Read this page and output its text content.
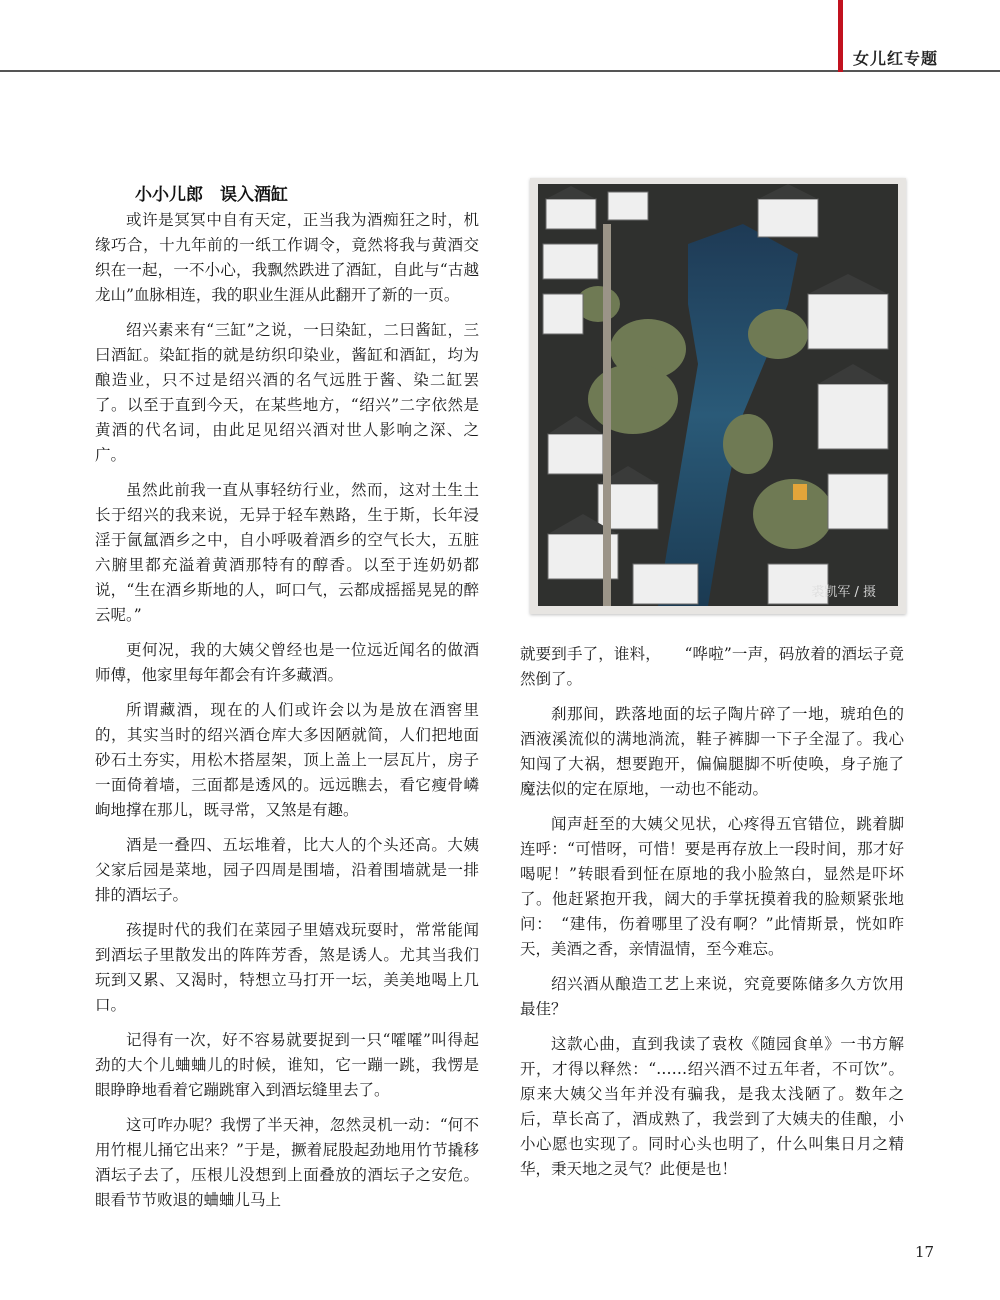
女儿红专题
小小儿郎　误入酒缸

或许是冥冥中自有天定，正当我为酒痴狂之时，机缘巧合，十九年前的一纸工作调令，竟然将我与黄酒交织在一起，一不小心，我飘然跌进了酒缸，自此与“古越龙山”血脉相连，我的职业生涯从此翻开了新的一页。

绍兴素来有“三缸”之说，一曰染缸，二曰酱缸，三曰酒缸。染缸指的就是纺织印染业，酱缸和酒缸，均为酿造业，只不过是绍兴酒的名气远胜于酱、染二缸罢了。以至于直到今天，在某些地方，“绍兴”二字依然是黄酒的代名词，由此足见绍兴酒对世人影响之深、之广。

虽然此前我一直从事轻纺行业，然而，这对土生土长于绍兴的我来说，无异于轻车熟路，生于斯，长年浸淫于氤氲酒乡之中，自小呼吸着酒乡的空气长大，五脏六腑里都充溢着黄酒那特有的醇香。以至于连奶奶都说，“生在酒乡斯地的人，呵口气，云都成摇摇晃晃的醉云呢。”

更何况，我的大姨父曾经也是一位远近闻名的做酒师傅，他家里每年都会有许多藏酒。

所谓藏酒，现在的人们或许会以为是放在酒窖里的，其实当时的绍兴酒仓库大多因陋就简，人们把地面砂石土夯实，用松木搭屋架，顶上盖上一层瓦片，房子一面倚着墙，三面都是透风的。远远瞧去，看它瘦骨嶙峋地撑在那儿，既寻常，又煞是有趣。

酒是一叠四、五坛堆着，比大人的个头还高。大姨父家后园是菜地，园子四周是围墙，沿着围墙就是一排排的酒坛子。

孩提时代的我们在菜园子里嬉戏玩耍时，常常能闻到酒坛子里散发出的阵阵芳香，煞是诱人。尤其当我们玩到又累、又渴时，特想立马打开一坛，美美地喝上几口。

记得有一次，好不容易就要捉到一只“嚯嚯”叫得起劲的大个儿蛐蛐儿的时候，谁知，它一蹦一跳，我愣是眼睁睁地看着它蹦跳窜入到酒坛缝里去了。

这可咋办呢？我愣了半天神，忽然灵机一动：“何不用竹棍儿捅它出来？”于是，撅着屁股起劲地用竹节撬移酒坛子去了，压根儿没想到上面叠放的酒坛子之安危。眼看节节败退的蛐蛐儿马上

裘凯军 / 摄

就要到手了，谁料，　　“哗啦”一声，码放着的酒坛子竟然倒了。

刹那间，跌落地面的坛子陶片碎了一地，琥珀色的酒液溪流似的满地淌流，鞋子裤脚一下子全湿了。我心知闯了大祸，想要跑开，偏偏腿脚不听使唤，身子施了魔法似的定在原地，一动也不能动。

闻声赶至的大姨父见状，心疼得五官错位，跳着脚连呼：“可惜呀，可惜！要是再存放上一段时间，那才好喝呢！”转眼看到怔在原地的我小脸煞白，显然是吓坏了。他赶紧抱开我，阔大的手掌抚摸着我的脸颊紧张地问：　“建伟，伤着哪里了没有啊？”此情斯景，恍如昨天，美酒之香，亲情温情，至今难忘。

绍兴酒从酿造工艺上来说，究竟要陈储多久方饮用最佳？

这款心曲，直到我读了袁枚《随园食单》一书方解开，才得以释然：“……绍兴酒不过五年者，不可饮”。原来大姨父当年并没有骗我，是我太浅陋了。数年之后，草长高了，酒成熟了，我尝到了大姨夫的佳酿，小小心愿也实现了。同时心头也明了，什么叫集日月之精华，秉天地之灵气？此便是也！

17
